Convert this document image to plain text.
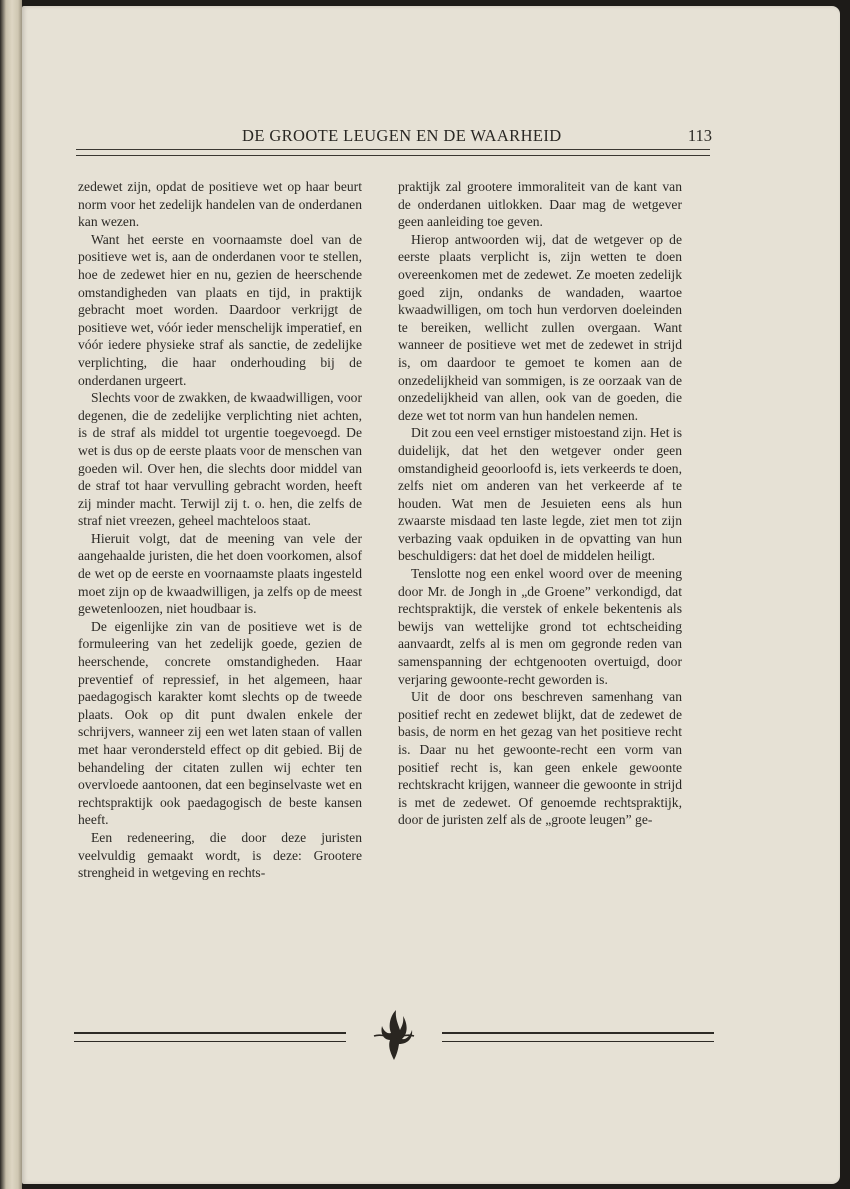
DE GROOTE LEUGEN EN DE WAARHEID	113

zedewet zijn, opdat de positieve wet op haar beurt norm voor het zedelijk handelen van de onderdanen kan wezen.

Want het eerste en voornaamste doel van de positieve wet is, aan de onderdanen voor te stellen, hoe de zedewet hier en nu, gezien de heerschende omstandigheden van plaats en tijd, in praktijk gebracht moet worden. Daardoor verkrijgt de positieve wet, vóór ieder menschelijk imperatief, en vóór iedere physieke straf als sanctie, de zedelijke verplichting, die haar onderhouding bij de onderdanen urgeert.

Slechts voor de zwakken, de kwaadwilligen, voor degenen, die de zedelijke verplichting niet achten, is de straf als middel tot urgentie toegevoegd. De wet is dus op de eerste plaats voor de menschen van goeden wil. Over hen, die slechts door middel van de straf tot haar vervulling gebracht worden, heeft zij minder macht. Terwijl zij t. o. hen, die zelfs de straf niet vreezen, geheel machteloos staat.

Hieruit volgt, dat de meening van vele der aangehaalde juristen, die het doen voorkomen, alsof de wet op de eerste en voornaamste plaats ingesteld moet zijn op de kwaadwilligen, ja zelfs op de meest gewetenloozen, niet houdbaar is.

De eigenlijke zin van de positieve wet is de formuleering van het zedelijk goede, gezien de heerschende, concrete omstandigheden. Haar preventief of repressief, in het algemeen, haar paedagogisch karakter komt slechts op de tweede plaats. Ook op dit punt dwalen enkele der schrijvers, wanneer zij een wet laten staan of vallen met haar verondersteld effect op dit gebied. Bij de behandeling der citaten zullen wij echter ten overvloede aantoonen, dat een beginselvaste wet en rechtspraktijk ook paedagogisch de beste kansen heeft.

Een redeneering, die door deze juristen veelvuldig gemaakt wordt, is deze: Grootere strengheid in wetgeving en rechts-

praktijk zal grootere immoraliteit van de kant van de onderdanen uitlokken. Daar mag de wetgever geen aanleiding toe geven.

Hierop antwoorden wij, dat de wetgever op de eerste plaats verplicht is, zijn wetten te doen overeenkomen met de zedewet. Ze moeten zedelijk goed zijn, ondanks de wandaden, waartoe kwaadwilligen, om toch hun verdorven doeleinden te bereiken, wellicht zullen overgaan. Want wanneer de positieve wet met de zedewet in strijd is, om daardoor te gemoet te komen aan de onzedelijkheid van sommigen, is ze oorzaak van de onzedelijkheid van allen, ook van de goeden, die deze wet tot norm van hun handelen nemen.

Dit zou een veel ernstiger mistoestand zijn. Het is duidelijk, dat het den wetgever onder geen omstandigheid geoorloofd is, iets verkeerds te doen, zelfs niet om anderen van het verkeerde af te houden. Wat men de Jesuieten eens als hun zwaarste misdaad ten laste legde, ziet men tot zijn verbazing vaak opduiken in de opvatting van hun beschuldigers: dat het doel de middelen heiligt.

Tenslotte nog een enkel woord over de meening door Mr. de Jongh in „de Groene” verkondigd, dat rechtspraktijk, die verstek of enkele bekentenis als bewijs van wettelijke grond tot echtscheiding aanvaardt, zelfs al is men om gegronde reden van samenspanning der echtgenooten overtuigd, door verjaring gewoonte-recht geworden is.

Uit de door ons beschreven samenhang van positief recht en zedewet blijkt, dat de zedewet de basis, de norm en het gezag van het positieve recht is. Daar nu het gewoonte-recht een vorm van positief recht is, kan geen enkele gewoonte rechtskracht krijgen, wanneer die gewoonte in strijd is met de zedewet. Of genoemde rechtspraktijk, door de juristen zelf als de „groote leugen” ge-
